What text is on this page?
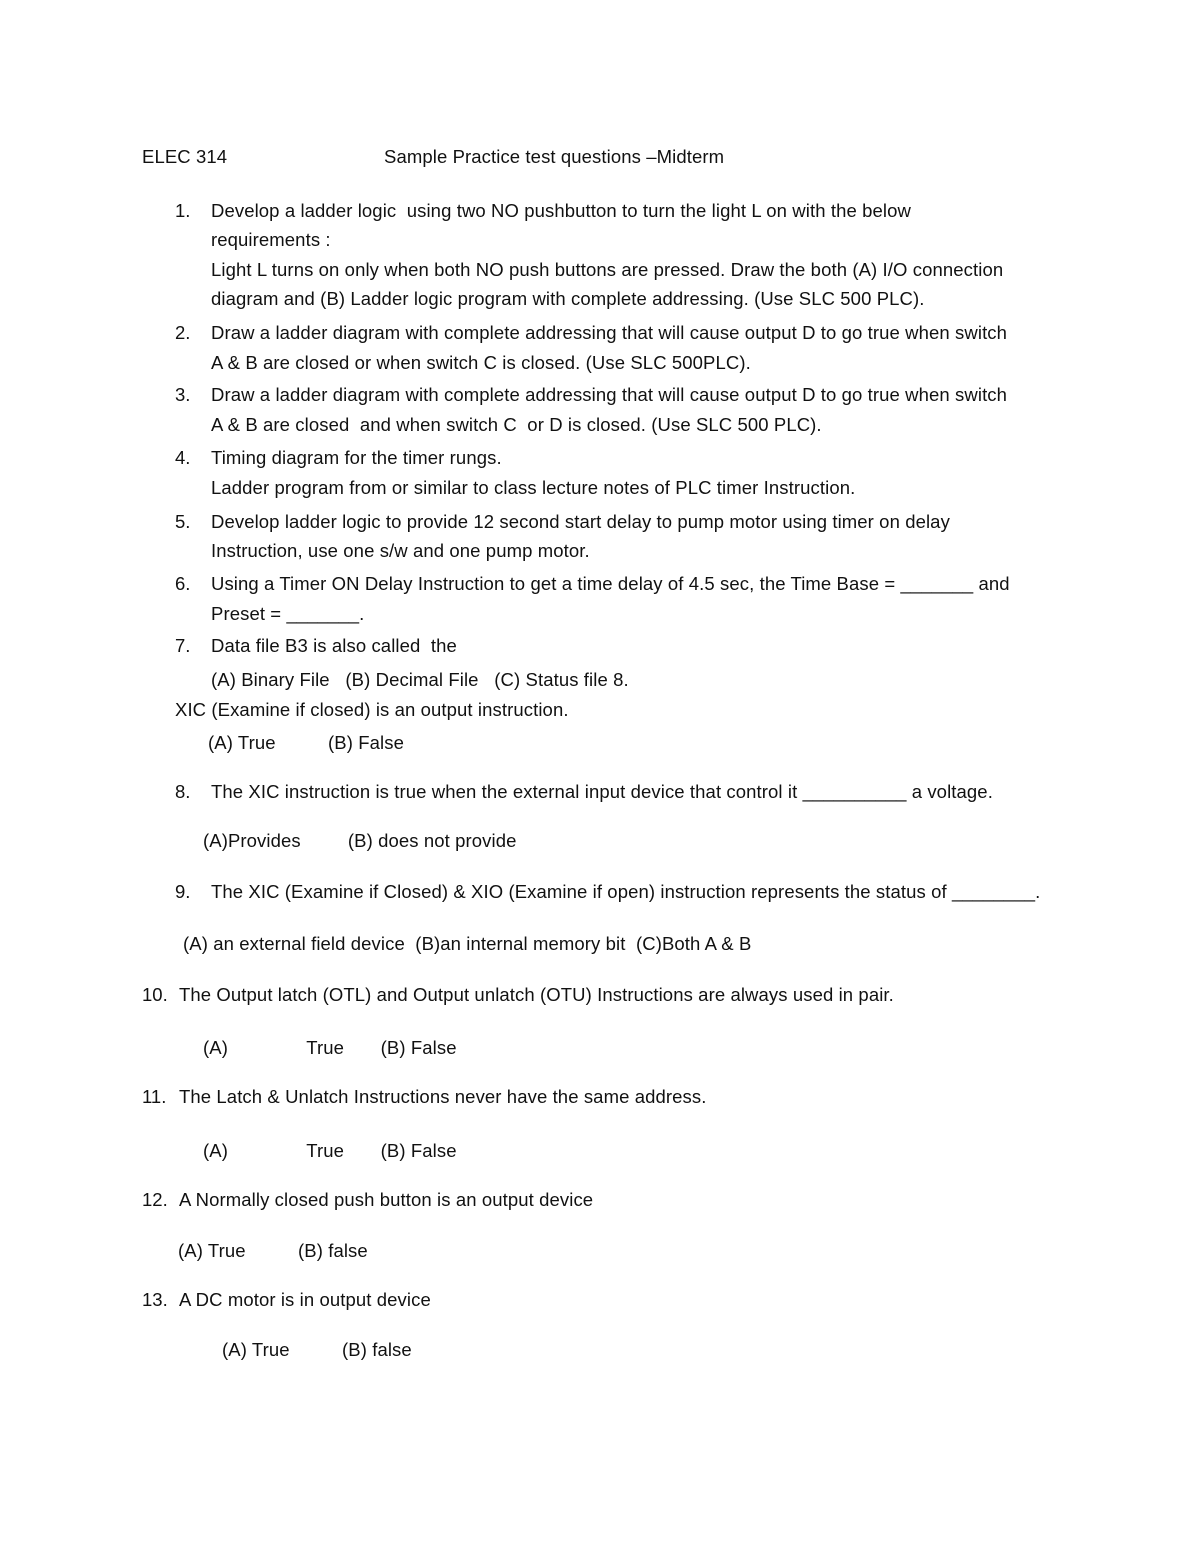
ELEC 314	Sample Practice test questions –Midterm
1. Develop a ladder logic  using two NO pushbutton to turn the light L on with the below
requirements :
Light L turns on only when both NO push buttons are pressed. Draw the both (A) I/O connection
diagram and (B) Ladder logic program with complete addressing. (Use SLC 500 PLC).
2. Draw a ladder diagram with complete addressing that will cause output D to go true when switch
A & B are closed or when switch C is closed. (Use SLC 500PLC).
3. Draw a ladder diagram with complete addressing that will cause output D to go true when switch
A & B are closed  and when switch C  or D is closed. (Use SLC 500 PLC).
4. Timing diagram for the timer rungs.
Ladder program from or similar to class lecture notes of PLC timer Instruction.
5. Develop ladder logic to provide 12 second start delay to pump motor using timer on delay
Instruction, use one s/w and one pump motor.
6. Using a Timer ON Delay Instruction to get a time delay of 4.5 sec, the Time Base = _______ and
Preset = _______.
7. Data file B3 is also called  the
(A) Binary File   (B) Decimal File   (C) Status file 8.
XIC (Examine if closed) is an output instruction.
(A) True          (B) False
8. The XIC instruction is true when the external input device that control it __________ a voltage.
(A)Provides         (B) does not provide
9. The XIC (Examine if Closed) & XIO (Examine if open) instruction represents the status of ________.
(A) an external field device  (B)an internal memory bit  (C)Both A & B
10. The Output latch (OTL) and Output unlatch (OTU) Instructions are always used in pair.
(A)               True       (B) False
11. The Latch & Unlatch Instructions never have the same address.
(A)               True       (B) False
12. A Normally closed push button is an output device
(A) True          (B) false
13. A DC motor is in output device
(A) True          (B) false
